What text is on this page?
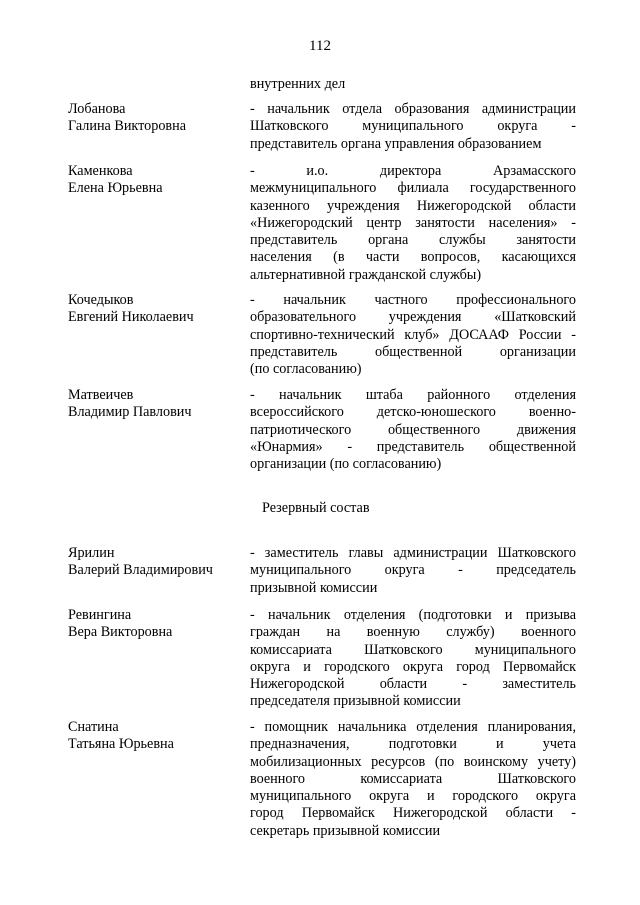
112
внутренних дел
Лобанова
Галина Викторовна
- начальник отдела образования администрации
Шатковского муниципального округа -
представитель органа управления образованием
Каменкова
Елена Юрьевна
- и.о. директора Арзамасского
межмуниципального филиала государственного
казенного учреждения Нижегородской области
«Нижегородский центр занятости населения» -
представитель органа службы занятости
населения (в части вопросов, касающихся
альтернативной гражданской службы)
Кочедыков
Евгений Николаевич
- начальник частного профессионального
образовательного учреждения «Шатковский
спортивно-технический клуб» ДОСААФ России -
представитель общественной организации
(по согласованию)
Матвеичев
Владимир Павлович
- начальник штаба районного отделения
всероссийского детско-юношеского военно-
патриотического общественного движения
«Юнармия» - представитель общественной
организации (по согласованию)
Резервный состав
Ярилин
Валерий Владимирович
- заместитель главы администрации Шатковского
муниципального округа - председатель
призывной комиссии
Ревингина
Вера Викторовна
- начальник отделения (подготовки и призыва
граждан на военную службу) военного
комиссариата Шатковского муниципального
округа и городского округа город Первомайск
Нижегородской области - заместитель
председателя призывной комиссии
Снатина
Татьяна Юрьевна
- помощник начальника отделения планирования,
предназначения, подготовки и учета
мобилизационных ресурсов (по воинскому учету)
военного комиссариата Шатковского
муниципального округа и городского округа
город Первомайск Нижегородской области -
секретарь призывной комиссии
